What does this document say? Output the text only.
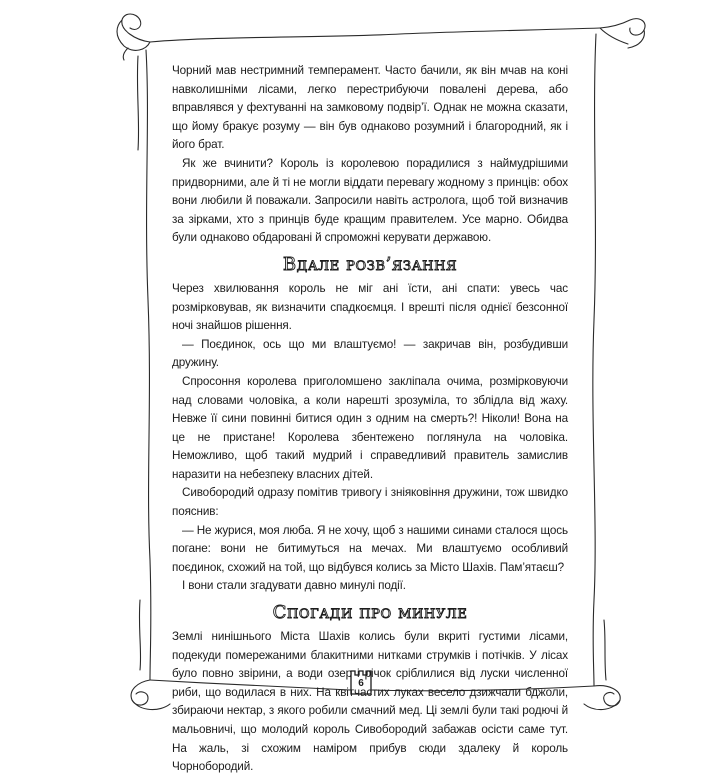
Чорний мав нестримний темперамент. Часто бачили, як він мчав на коні навколишніми лісами, легко перестрибуючи повалені дерева, або вправлявся у фехтуванні на замковому подвір’ї. Однак не можна сказати, що йому бракує розуму — він був однаково розумний і благородний, як і його брат.

Як же вчинити? Король із королевою порадилися з наймудрішими придворними, але й ті не могли віддати перевагу жодному з принців: обох вони любили й поважали. Запросили навіть астролога, щоб той визначив за зірками, хто з принців буде кращим правителем. Усе марно. Обидва були однаково обдаровані й спроможні керувати державою.

Вдале розв’язання

Через хвилювання король не міг ані їсти, ані спати: увесь час розмірковував, як визначити спадкоємця. І врешті після однієї безсонної ночі знайшов рішення.

— Поєдинок, ось що ми влаштуємо! — закричав він, розбудивши дружину.

Спросоння королева приголомшено закліпала очима, розмірковуючи над словами чоловіка, а коли нарешті зрозуміла, то зблідла від жаху. Невже її сини повинні битися один з одним на смерть?! Ніколи! Вона на це не пристане! Королева збентежено поглянула на чоловіка. Неможливо, щоб такий мудрий і справедливий правитель замислив наразити на небезпеку власних дітей.

Сивобородий одразу помітив тривогу і зніяковіння дружини, тож швидко пояснив:

— Не журися, моя люба. Я не хочу, щоб з нашими синами сталося щось погане: вони не битимуться на мечах. Ми влаштуємо особливий поєдинок, схожий на той, що відбувся колись за Місто Шахів. Пам’ятаєш?

І вони стали згадувати давно минулі події.

Спогади про минуле

Землі нинішнього Міста Шахів колись були вкриті густими лісами, подекуди помережаними блакитними нитками струмків і потічків. У лісах було повно звірини, а води озер і річок сріблилися від луски численної риби, що водилася в них. На квітчастих луках весело дзижчали бджоли, збираючи нектар, з якого робили смачний мед. Ці землі були такі родючі й мальовничі, що молодий король Сивобородий забажав осісти саме тут. На жаль, зі схожим наміром прибув сюди здалеку й король Чорнобородий.

6
